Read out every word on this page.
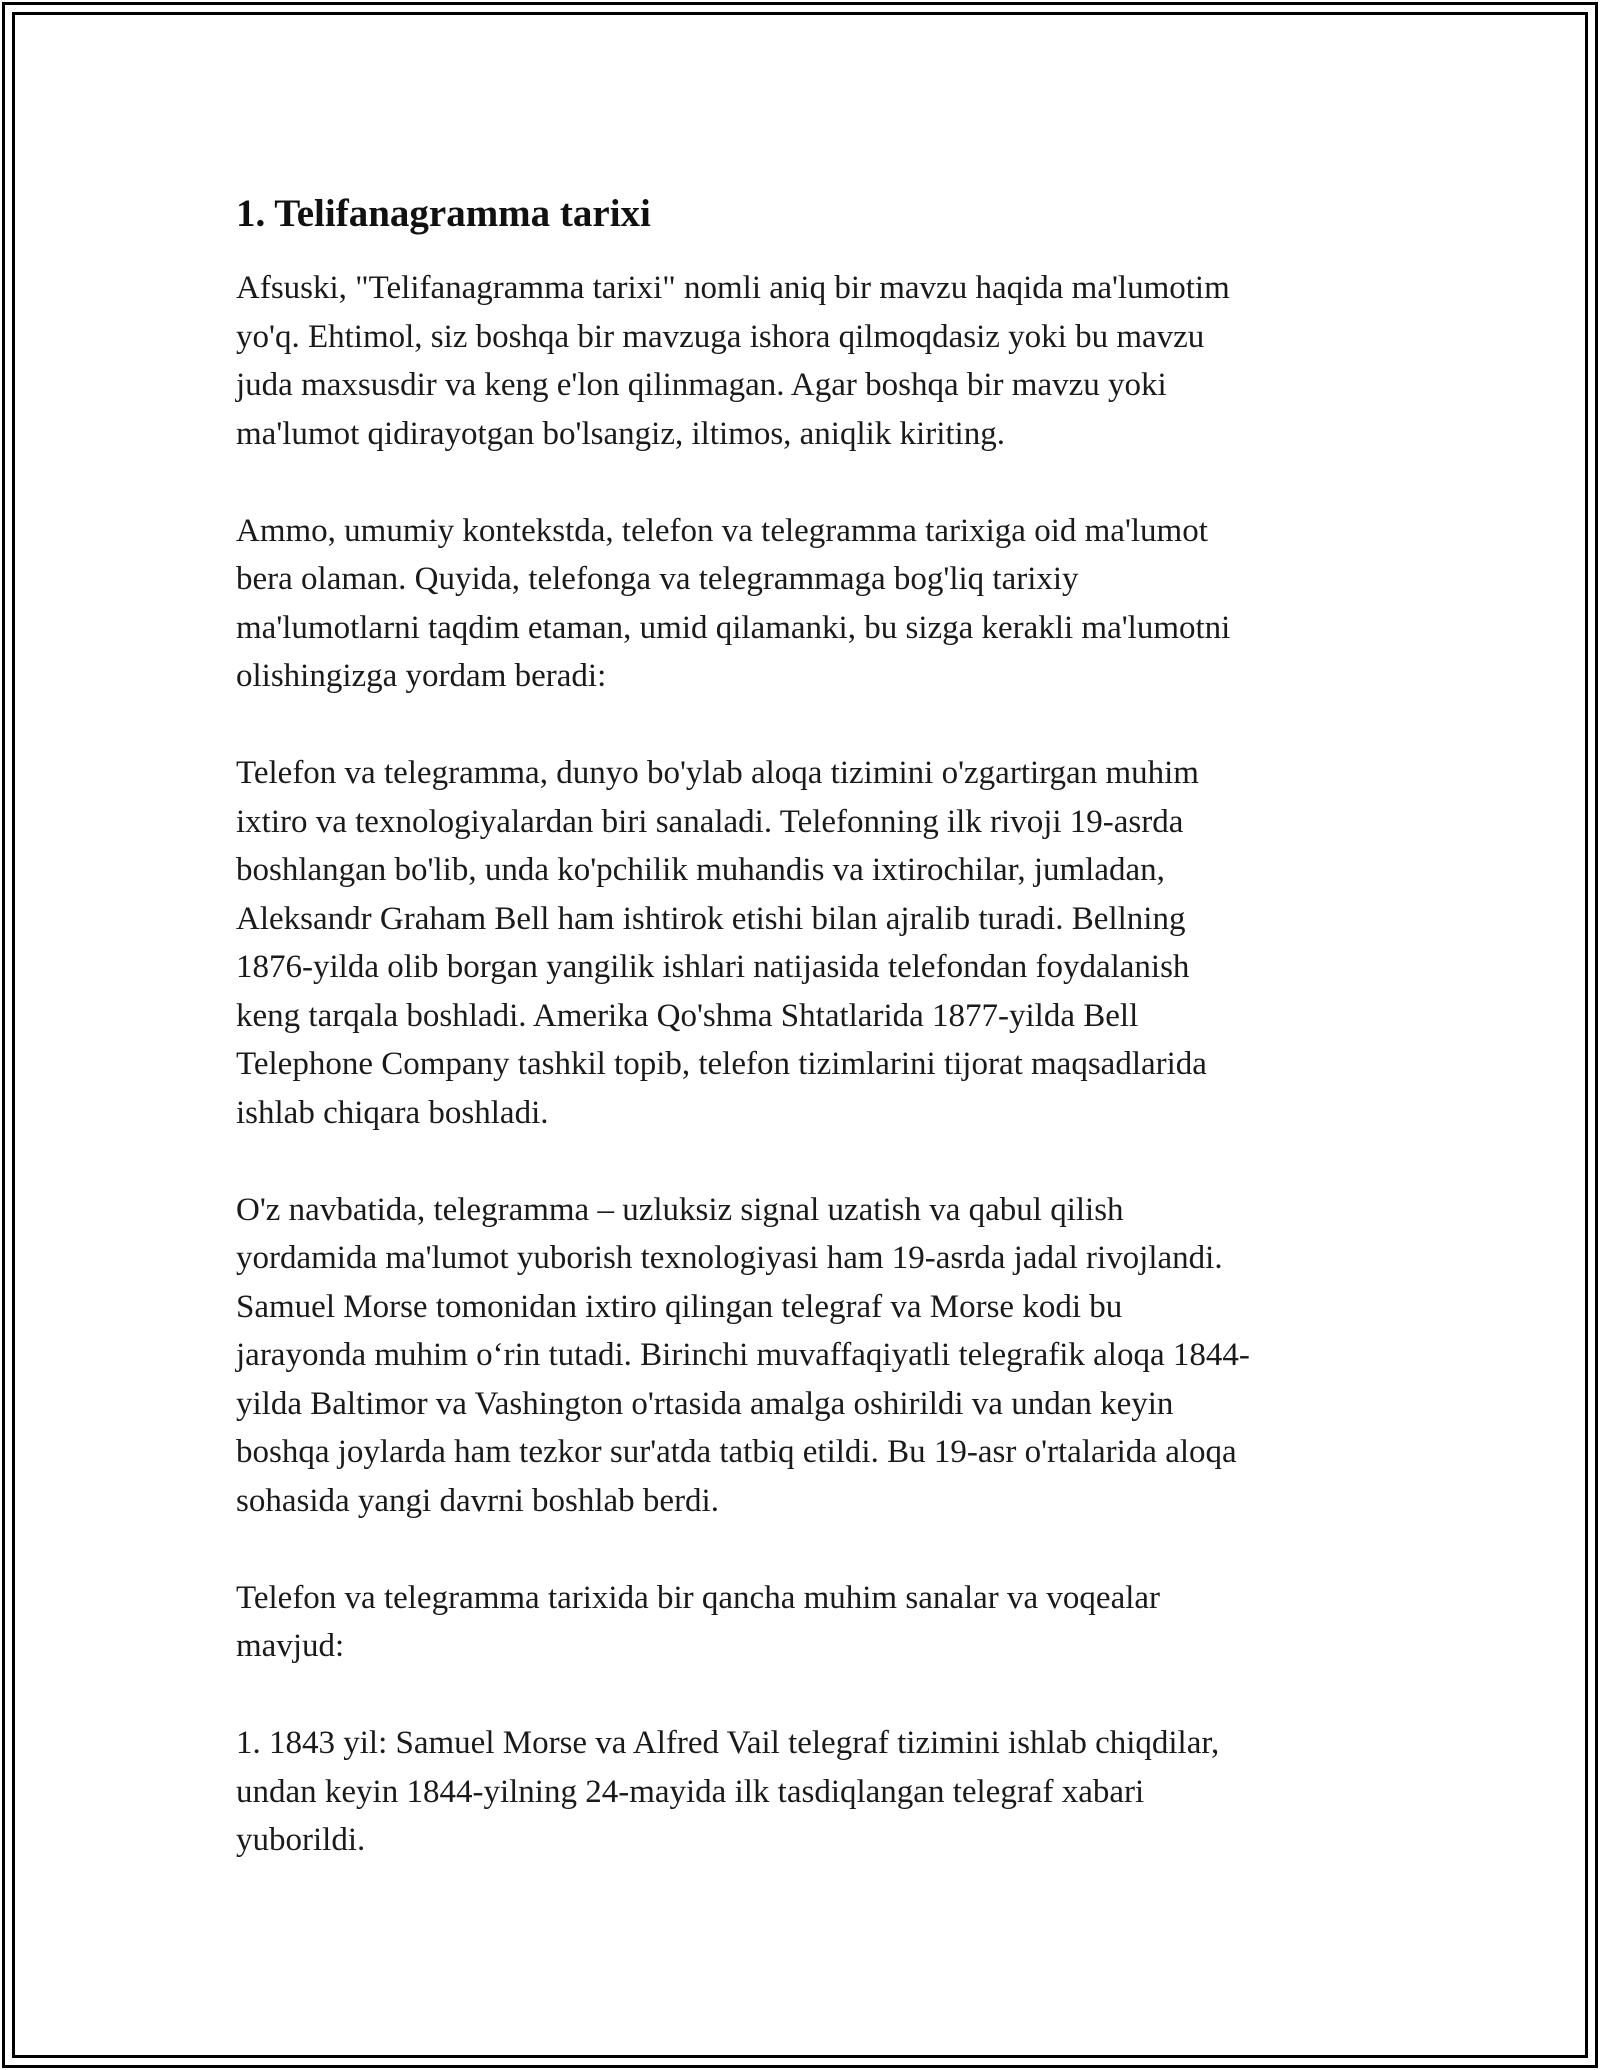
1. Telifanagramma tarixi
Afsuski, "Telifanagramma tarixi" nomli aniq bir mavzu haqida ma'lumotim
yo'q. Ehtimol, siz boshqa bir mavzuga ishora qilmoqdasiz yoki bu mavzu
juda maxsusdir va keng e'lon qilinmagan. Agar boshqa bir mavzu yoki
ma'lumot qidirayotgan bo'lsangiz, iltimos, aniqlik kiriting.
Ammo, umumiy kontekstda, telefon va telegramma tarixiga oid ma'lumot
bera olaman. Quyida, telefonga va telegrammaga bog'liq tarixiy
ma'lumotlarni taqdim etaman, umid qilamanki, bu sizga kerakli ma'lumotni
olishingizga yordam beradi:
Telefon va telegramma, dunyo bo'ylab aloqa tizimini o'zgartirgan muhim
ixtiro va texnologiyalardan biri sanaladi. Telefonning ilk rivoji 19-asrda
boshlangan bo'lib, unda ko'pchilik muhandis va ixtirochilar, jumladan,
Aleksandr Graham Bell ham ishtirok etishi bilan ajralib turadi. Bellning
1876-yilda olib borgan yangilik ishlari natijasida telefondan foydalanish
keng tarqala boshladi. Amerika Qo'shma Shtatlarida 1877-yilda Bell
Telephone Company tashkil topib, telefon tizimlarini tijorat maqsadlarida
ishlab chiqara boshladi.
O'z navbatida, telegramma – uzluksiz signal uzatish va qabul qilish
yordamida ma'lumot yuborish texnologiyasi ham 19-asrda jadal rivojlandi.
Samuel Morse tomonidan ixtiro qilingan telegraf va Morse kodi bu
jarayonda muhim oʻrin tutadi. Birinchi muvaffaqiyatli telegrafik aloqa 1844-
yilda Baltimor va Vashington o'rtasida amalga oshirildi va undan keyin
boshqa joylarda ham tezkor sur'atda tatbiq etildi. Bu 19-asr o'rtalarida aloqa
sohasida yangi davrni boshlab berdi.
Telefon va telegramma tarixida bir qancha muhim sanalar va voqealar
mavjud:
1. 1843 yil: Samuel Morse va Alfred Vail telegraf tizimini ishlab chiqdilar,
undan keyin 1844-yilning 24-mayida ilk tasdiqlangan telegraf xabari
yuborildi.
